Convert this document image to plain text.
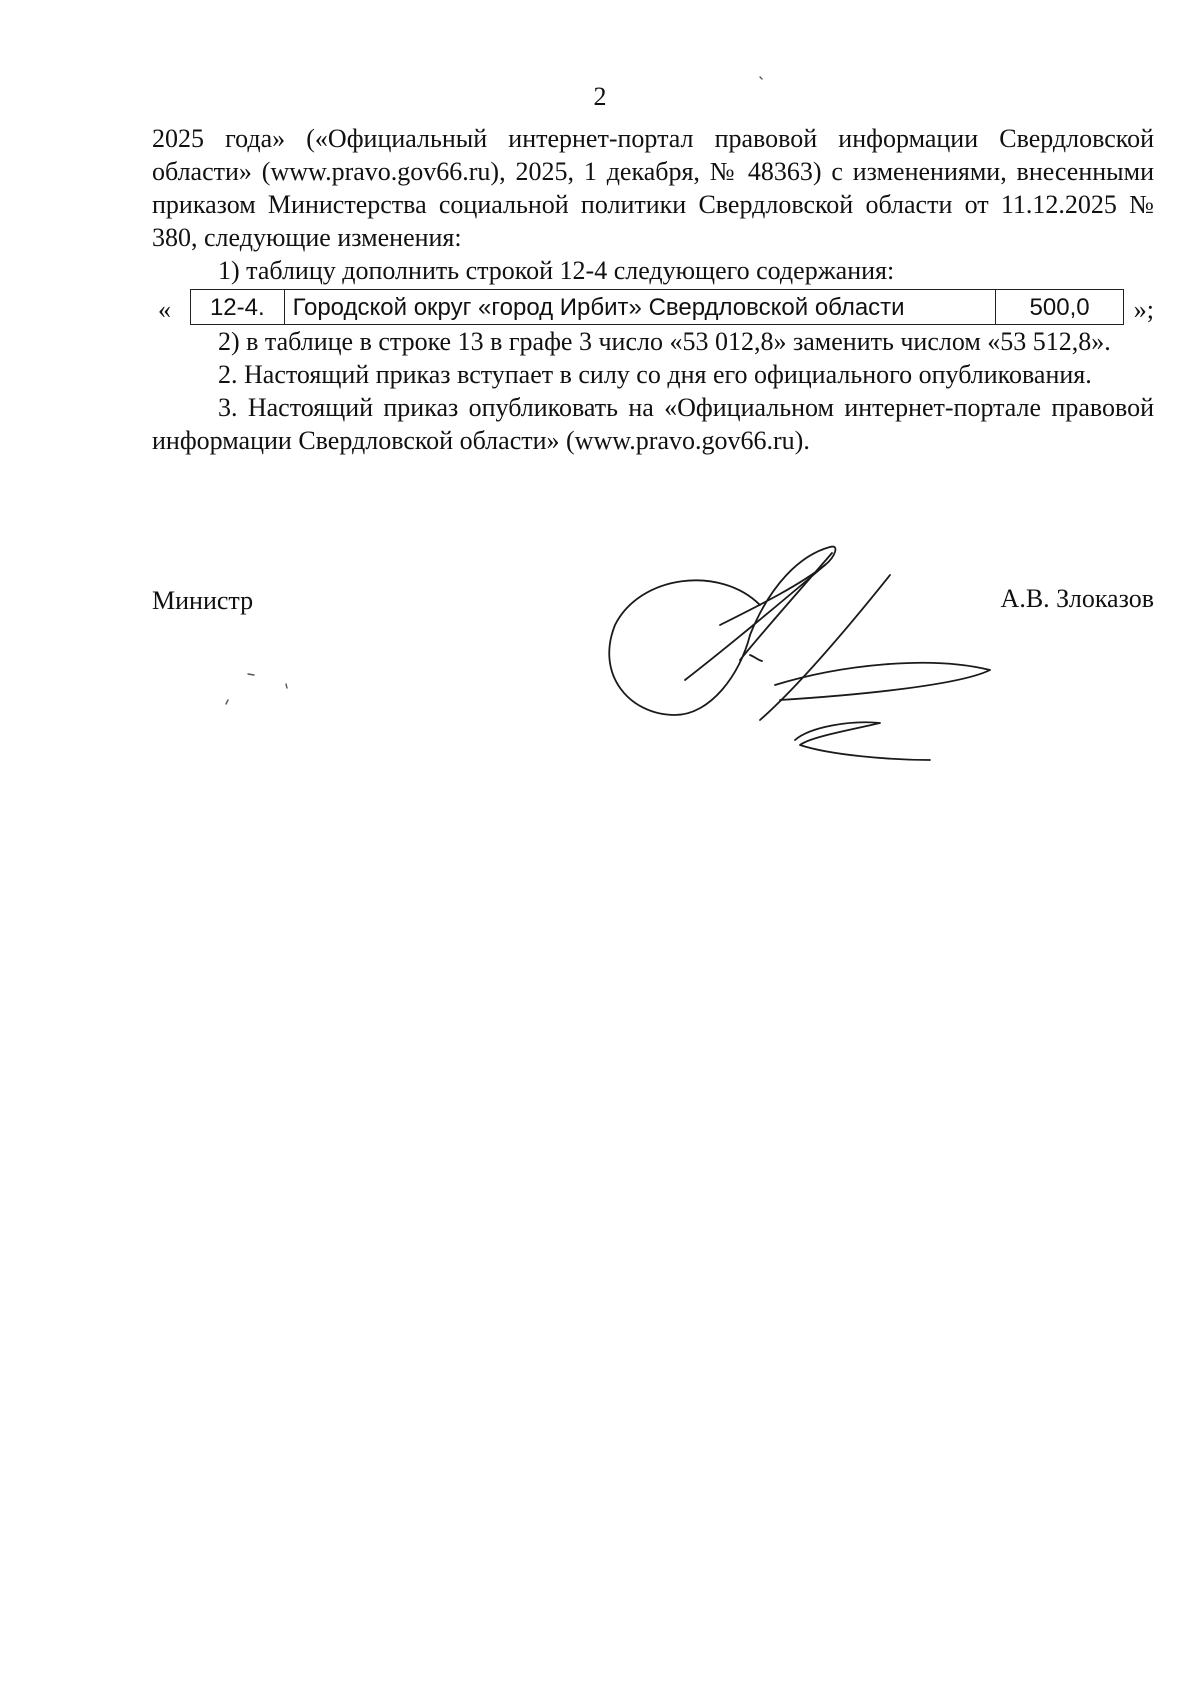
2

2025 года» («Официальный интернет-портал правовой информации Свердловской области» (www.pravo.gov66.ru), 2025, 1 декабря, № 48363) с изменениями, внесенными приказом Министерства социальной политики Свердловской области от 11.12.2025 № 380, следующие изменения:

1) таблицу дополнить строкой 12-4 следующего содержания:

« 12-4.	Городской округ «город Ирбит» Свердловской области	500,0 »;

2) в таблице в строке 13 в графе 3 число «53 012,8» заменить числом «53 512,8».

2. Настоящий приказ вступает в силу со дня его официального опубликования.

3. Настоящий приказ опубликовать на «Официальном интернет-портале правовой информации Свердловской области» (www.pravo.gov66.ru).

Министр	А.В. Злоказов
